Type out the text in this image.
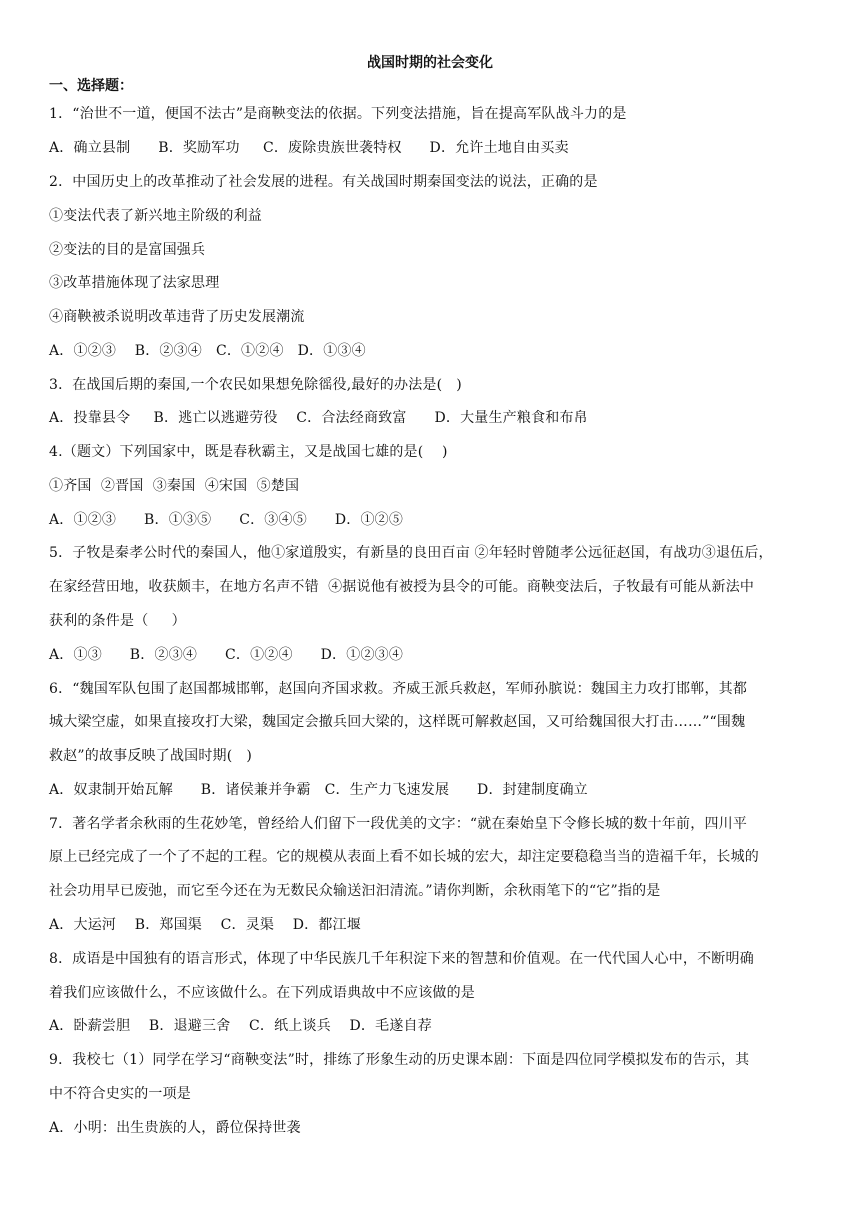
战国时期的社会变化
一、选择题：
1．“治世不一道，便国不法古”是商鞅变法的依据。下列变法措施，旨在提高军队战斗力的是
A．确立县制      B．奖励军功     C．废除贵族世袭特权      D．允许土地自由买卖
2．中国历史上的改革推动了社会发展的进程。有关战国时期秦国变法的说法，正确的是
①变法代表了新兴地主阶级的利益
②变法的目的是富国强兵
③改革措施体现了法家思理
④商鞅被杀说明改革违背了历史发展潮流
A．①②③    B．②③④   C．①②④   D．①③④
3．在战国后期的秦国,一个农民如果想免除徭役,最好的办法是(   )
A．投靠县令     B．逃亡以逃避劳役    C．合法经商致富      D．大量生产粮食和布帛
4.（题文）下列国家中，既是春秋霸主，又是战国七雄的是(    )
①齐国  ②晋国  ③秦国  ④宋国  ⑤楚国
A．①②③      B．①③⑤      C．③④⑤      D．①②⑤
5．子牧是秦孝公时代的秦国人，他①家道殷实，有新垦的良田百亩 ②年轻时曾随孝公远征赵国，有战功③退伍后，
在家经营田地，收获颇丰，在地方名声不错  ④据说他有被授为县令的可能。商鞅变法后，子牧最有可能从新法中
获利的条件是（     ）
A．①③      B．②③④      C．①②④      D．①②③④
6．“魏国军队包围了赵国都城邯郸，赵国向齐国求救。齐威王派兵救赵，军师孙膑说：魏国主力攻打邯郸，其都
城大梁空虚，如果直接攻打大梁，魏国定会撤兵回大梁的，这样既可解救赵国，又可给魏国很大打击……”“围魏
救赵”的故事反映了战国时期(   )
A．奴隶制开始瓦解      B．诸侯兼并争霸   C．生产力飞速发展      D．封建制度确立
7．著名学者余秋雨的生花妙笔，曾经给人们留下一段优美的文字：“就在秦始皇下令修长城的数十年前，四川平
原上已经完成了一个了不起的工程。它的规模从表面上看不如长城的宏大，却注定要稳稳当当的造福千年，长城的
社会功用早已废弛，而它至今还在为无数民众输送汩汩清流。”请你判断，余秋雨笔下的“它”指的是
A．大运河    B．郑国渠    C．灵渠    D．都江堰
8．成语是中国独有的语言形式，体现了中华民族几千年积淀下来的智慧和价值观。在一代代国人心中，不断明确
着我们应该做什么，不应该做什么。在下列成语典故中不应该做的是
A．卧薪尝胆    B．退避三舍    C．纸上谈兵    D．毛遂自荐
9．我校七（1）同学在学习“商鞅变法”时，排练了形象生动的历史课本剧：下面是四位同学模拟发布的告示，其
中不符合史实的一项是
A．小明：出生贵族的人，爵位保持世袭
